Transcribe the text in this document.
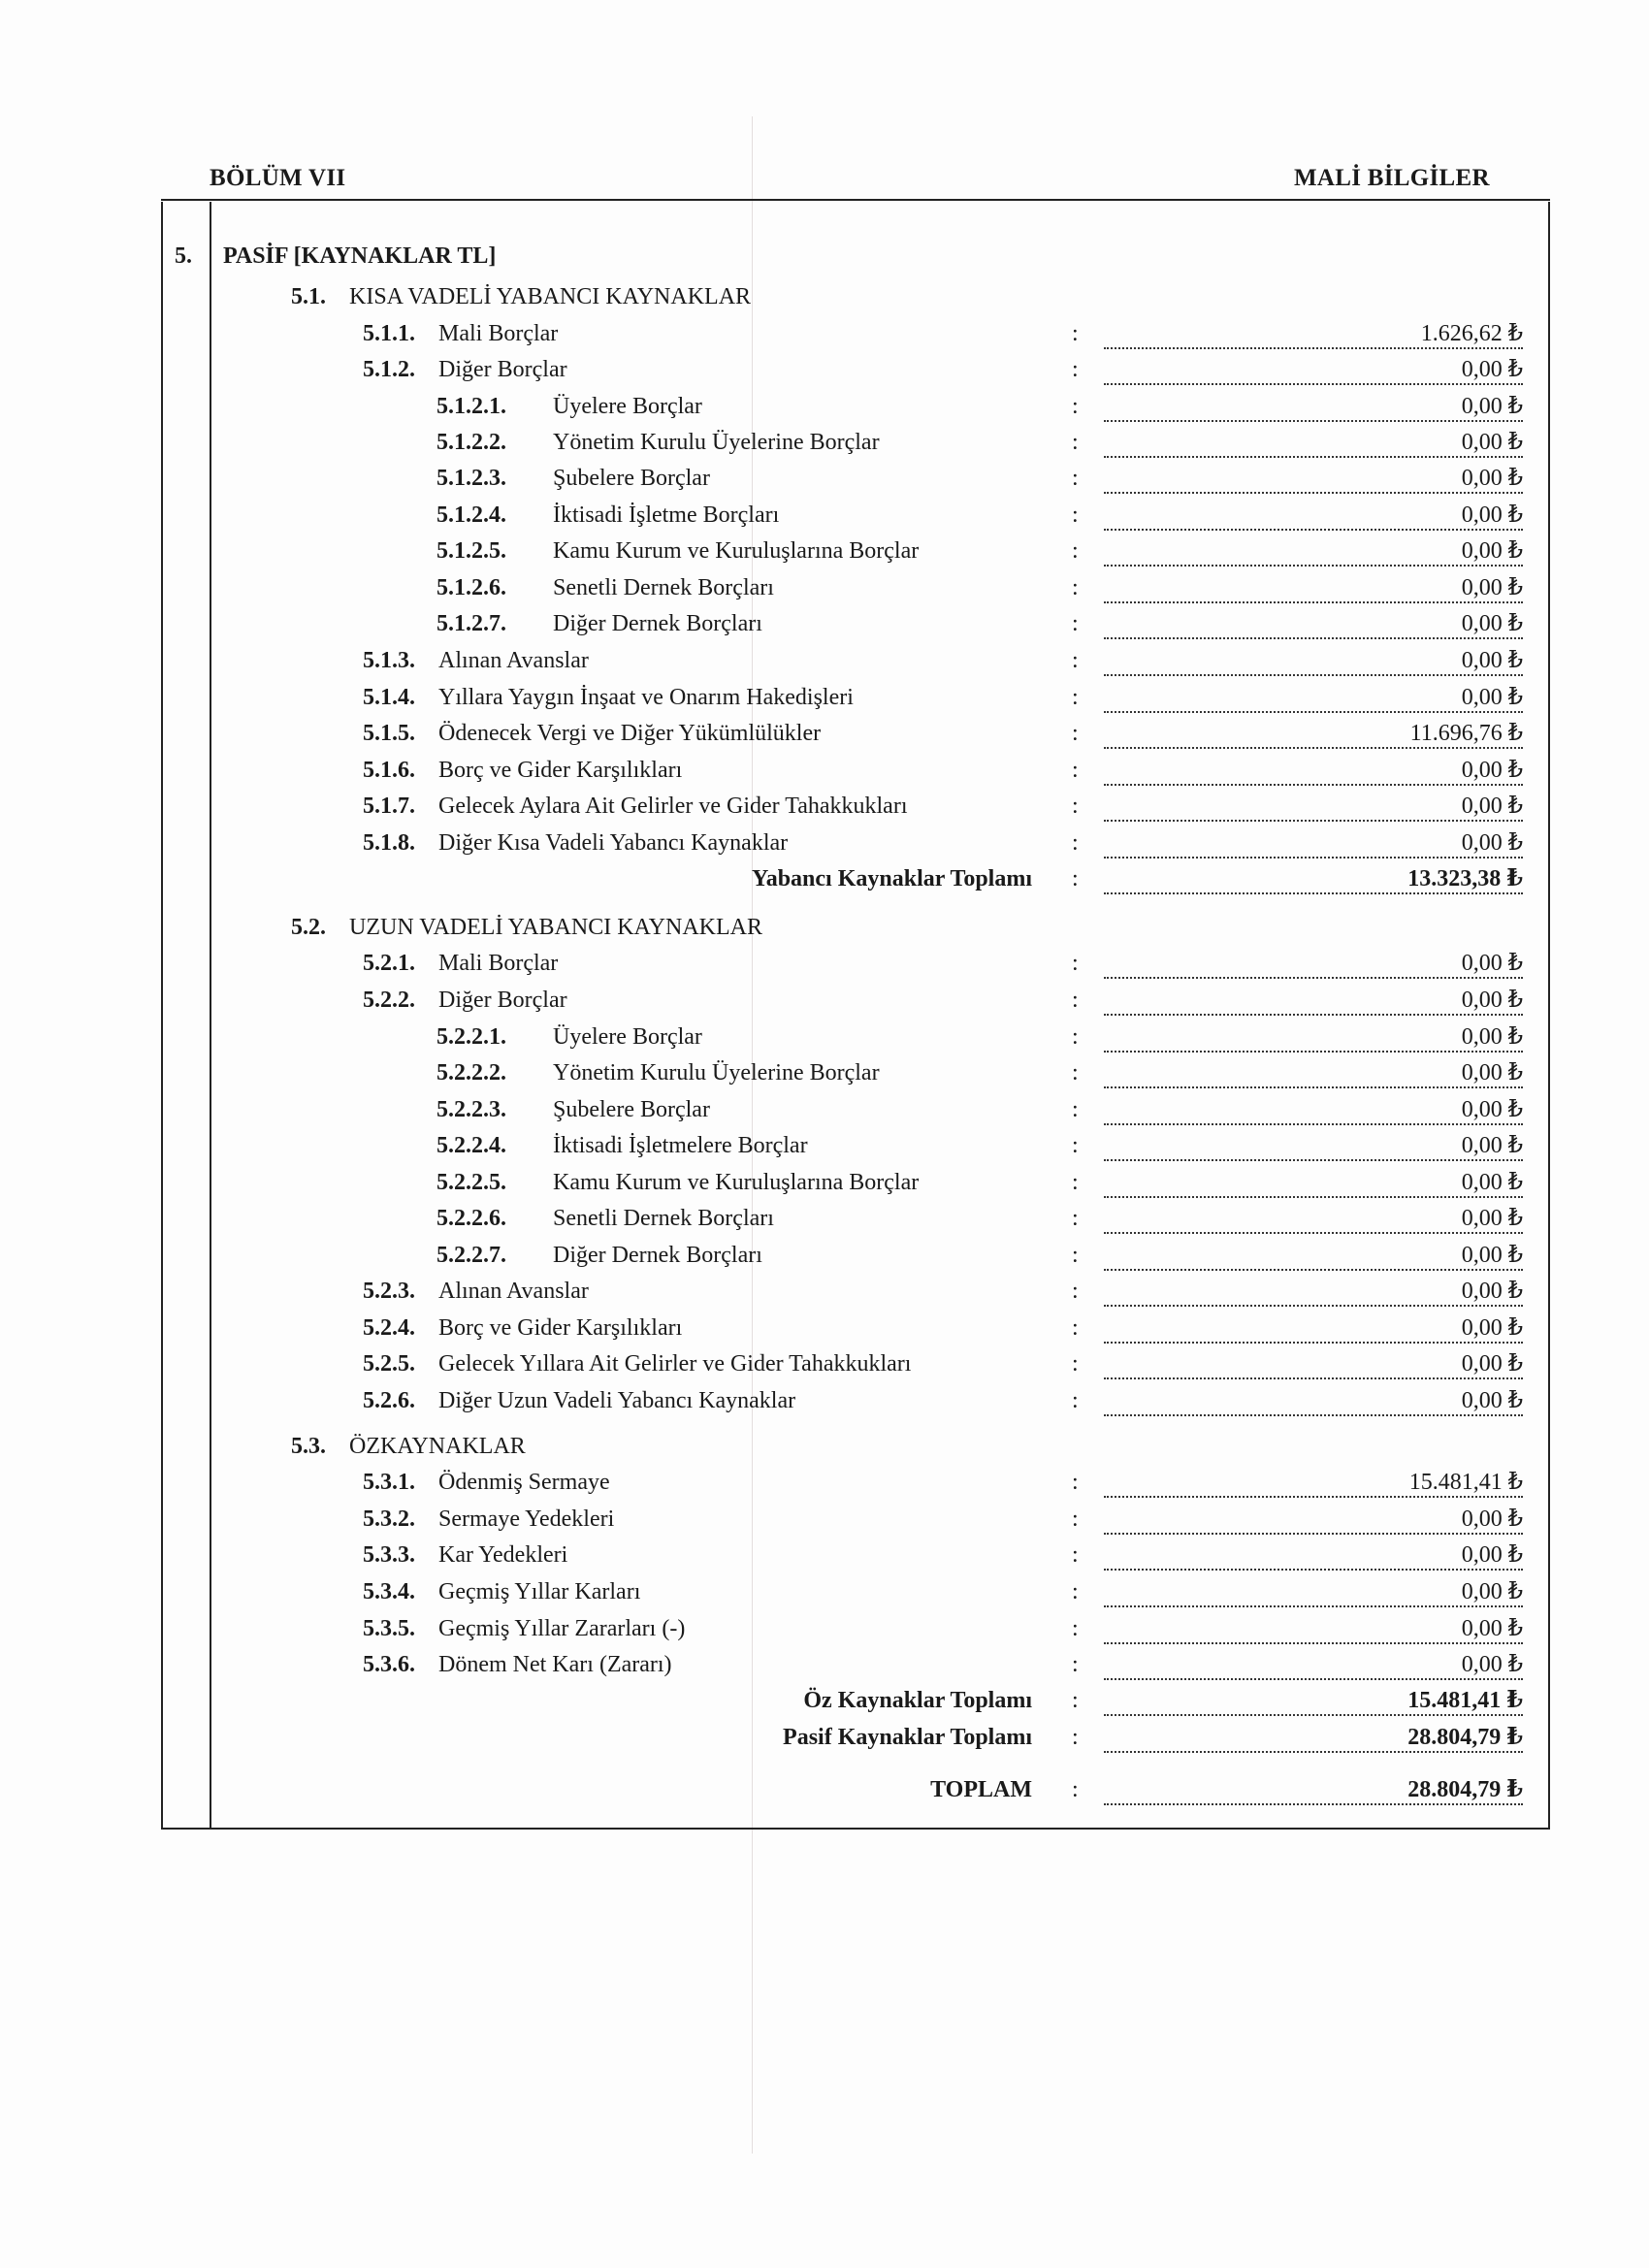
BÖLÜM VII	MALİ BİLGİLER
5. PASİF [KAYNAKLAR TL]
5.1. KISA VADELİ YABANCI KAYNAKLAR
5.1.1. Mali Borçlar	:	1.626,62 ₺
5.1.2. Diğer Borçlar	:	0,00 ₺
5.1.2.1. Üyelere Borçlar	:	0,00 ₺
5.1.2.2. Yönetim Kurulu Üyelerine Borçlar	:	0,00 ₺
5.1.2.3. Şubelere Borçlar	:	0,00 ₺
5.1.2.4. İktisadi İşletme Borçları	:	0,00 ₺
5.1.2.5. Kamu Kurum ve Kuruluşlarına Borçlar	:	0,00 ₺
5.1.2.6. Senetli Dernek Borçları	:	0,00 ₺
5.1.2.7. Diğer Dernek Borçları	:	0,00 ₺
5.1.3. Alınan Avanslar	:	0,00 ₺
5.1.4. Yıllara Yaygın İnşaat ve Onarım Hakedişleri	:	0,00 ₺
5.1.5. Ödenecek Vergi ve Diğer Yükümlülükler	:	11.696,76 ₺
5.1.6. Borç ve Gider Karşılıkları	:	0,00 ₺
5.1.7. Gelecek Aylara Ait Gelirler ve Gider Tahakkukları	:	0,00 ₺
5.1.8. Diğer Kısa Vadeli Yabancı Kaynaklar	:	0,00 ₺
Yabancı Kaynaklar Toplamı :	13.323,38 ₺
5.2. UZUN VADELİ YABANCI KAYNAKLAR
5.2.1. Mali Borçlar	:	0,00 ₺
5.2.2. Diğer Borçlar	:	0,00 ₺
5.2.2.1. Üyelere Borçlar	:	0,00 ₺
5.2.2.2. Yönetim Kurulu Üyelerine Borçlar	:	0,00 ₺
5.2.2.3. Şubelere Borçlar	:	0,00 ₺
5.2.2.4. İktisadi İşletmelere Borçlar	:	0,00 ₺
5.2.2.5. Kamu Kurum ve Kuruluşlarına Borçlar	:	0,00 ₺
5.2.2.6. Senetli Dernek Borçları	:	0,00 ₺
5.2.2.7. Diğer Dernek Borçları	:	0,00 ₺
5.2.3. Alınan Avanslar	:	0,00 ₺
5.2.4. Borç ve Gider Karşılıkları	:	0,00 ₺
5.2.5. Gelecek Yıllara Ait Gelirler ve Gider Tahakkukları	:	0,00 ₺
5.2.6. Diğer Uzun Vadeli Yabancı Kaynaklar	:	0,00 ₺
5.3. ÖZKAYNAKLAR
5.3.1. Ödenmiş Sermaye	:	15.481,41 ₺
5.3.2. Sermaye Yedekleri	:	0,00 ₺
5.3.3. Kar Yedekleri	:	0,00 ₺
5.3.4. Geçmiş Yıllar Karları	:	0,00 ₺
5.3.5. Geçmiş Yıllar Zararları (-)	:	0,00 ₺
5.3.6. Dönem Net Karı (Zararı)	:	0,00 ₺
Öz Kaynaklar Toplamı :	15.481,41 ₺
Pasif Kaynaklar Toplamı :	28.804,79 ₺
TOPLAM :	28.804,79 ₺
